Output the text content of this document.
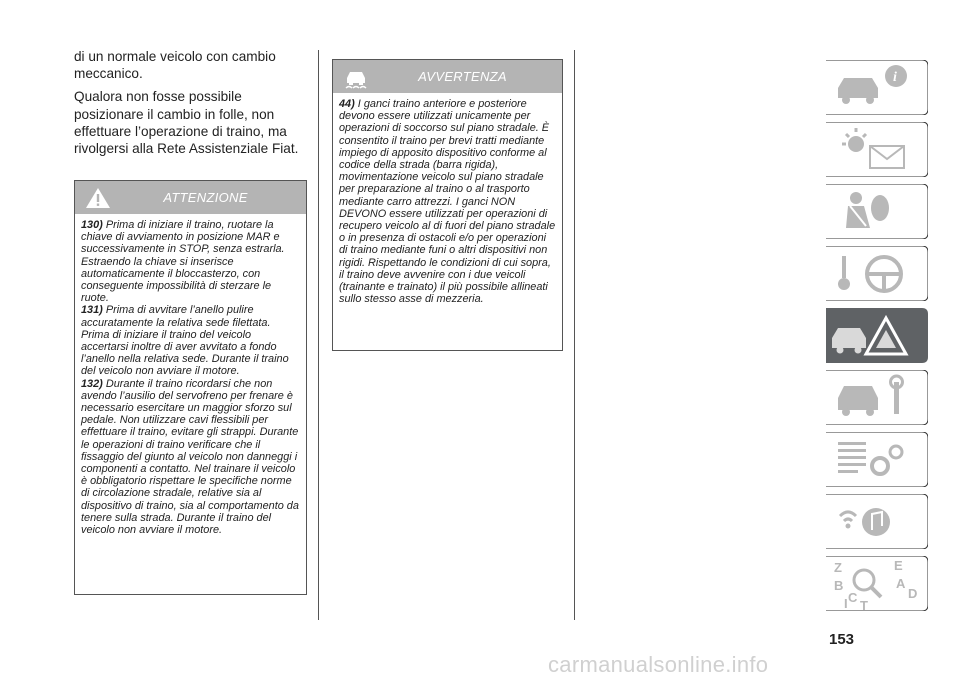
di un normale veicolo con cambio meccanico.

Qualora non fosse possibile posizionare il cambio in folle, non effettuare l’operazione di traino, ma rivolgersi alla Rete Assistenziale Fiat.

ATTENZIONE

130) Prima di iniziare il traino, ruotare la chiave di avviamento in posizione MAR e successivamente in STOP, senza estrarla. Estraendo la chiave si inserisce automaticamente il bloccasterzo, con conseguente impossibilità di sterzare le ruote.

131) Prima di avvitare l’anello pulire accuratamente la relativa sede filettata. Prima di iniziare il traino del veicolo accertarsi inoltre di aver avvitato a fondo l’anello nella relativa sede. Durante il traino del veicolo non avviare il motore.

132) Durante il traino ricordarsi che non avendo l’ausilio del servofreno per frenare è necessario esercitare un maggior sforzo sul pedale. Non utilizzare cavi flessibili per effettuare il traino, evitare gli strappi. Durante le operazioni di traino verificare che il fissaggio del giunto al veicolo non danneggi i componenti a contatto. Nel trainare il veicolo è obbligatorio rispettare le specifiche norme di circolazione stradale, relative sia al dispositivo di traino, sia al comportamento da tenere sulla strada. Durante il traino del veicolo non avviare il motore.

AVVERTENZA

44) I ganci traino anteriore e posteriore devono essere utilizzati unicamente per operazioni di soccorso sul piano stradale. È consentito il traino per brevi tratti mediante impiego di apposito dispositivo conforme al codice della strada (barra rigida), movimentazione veicolo sul piano stradale per preparazione al traino o al trasporto mediante carro attrezzi. I ganci NON DEVONO essere utilizzati per operazioni di recupero veicolo al di fuori del piano stradale o in presenza di ostacoli e/o per operazioni di traino mediante funi o altri dispositivi non rigidi. Rispettando le condizioni di cui sopra, il traino deve avvenire con i due veicoli (trainante e trainato) il più possibile allineati sullo stesso asse di mezzeria.

i
Z	E B	A C	D I T
153
carmanualsonline.info
